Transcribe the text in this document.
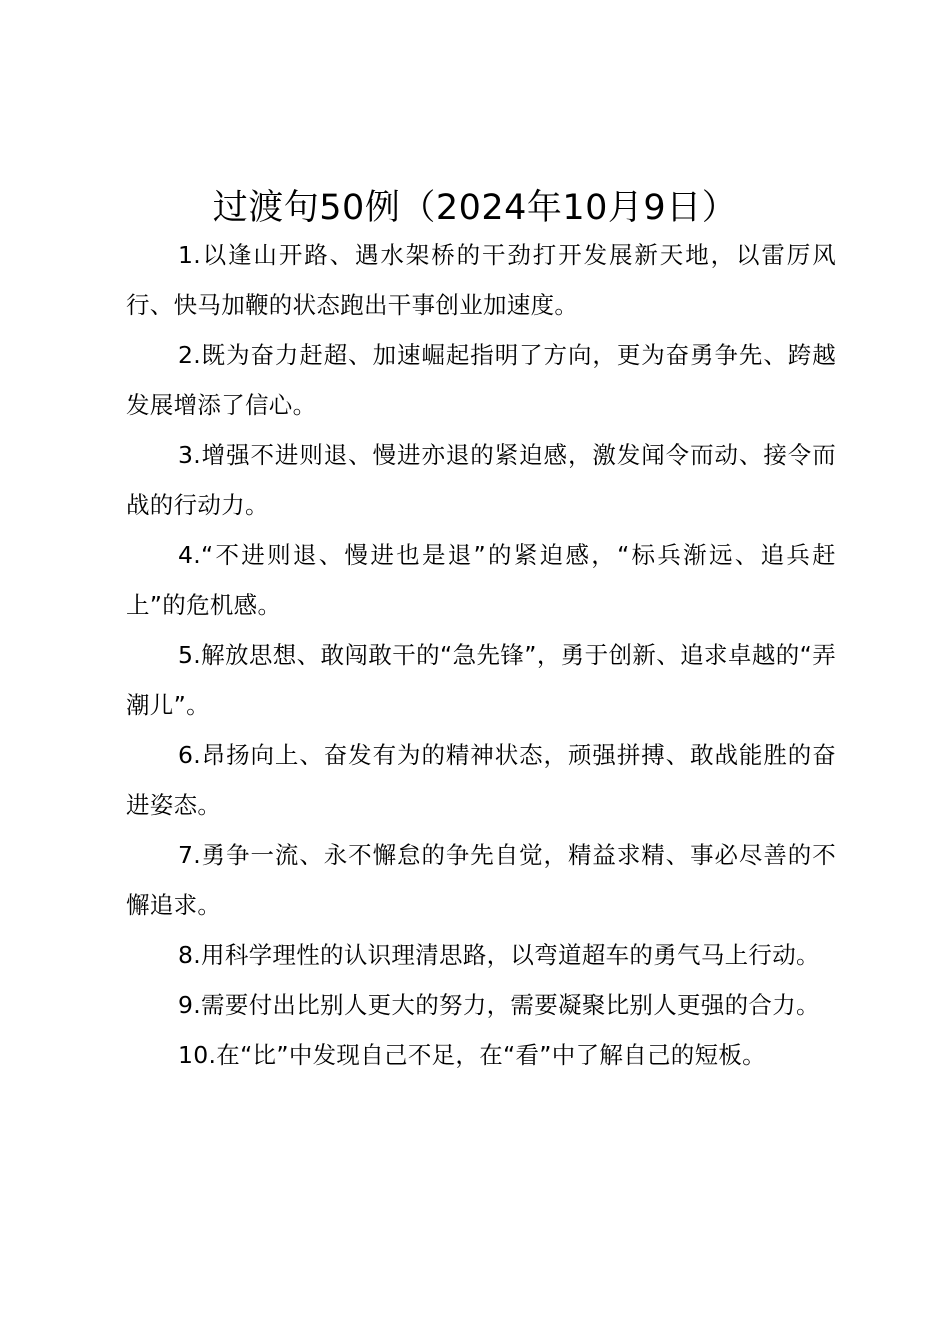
过渡句50例（2024年10月9日）
1.以逢山开路、遇水架桥的干劲打开发展新天地，以雷厉风行、快马加鞭的状态跑出干事创业加速度。
2.既为奋力赶超、加速崛起指明了方向，更为奋勇争先、跨越发展增添了信心。
3.增强不进则退、慢进亦退的紧迫感，激发闻令而动、接令而战的行动力。
4.“不进则退、慢进也是退”的紧迫感，“标兵渐远、追兵赶上”的危机感。
5.解放思想、敢闯敢干的“急先锋”，勇于创新、追求卓越的“弄潮儿”。
6.昂扬向上、奋发有为的精神状态，顽强拼搏、敢战能胜的奋进姿态。
7.勇争一流、永不懈怠的争先自觉，精益求精、事必尽善的不懈追求。
8.用科学理性的认识理清思路，以弯道超车的勇气马上行动。
9.需要付出比别人更大的努力，需要凝聚比别人更强的合力。
10.在“比”中发现自己不足，在“看”中了解自己的短板。
